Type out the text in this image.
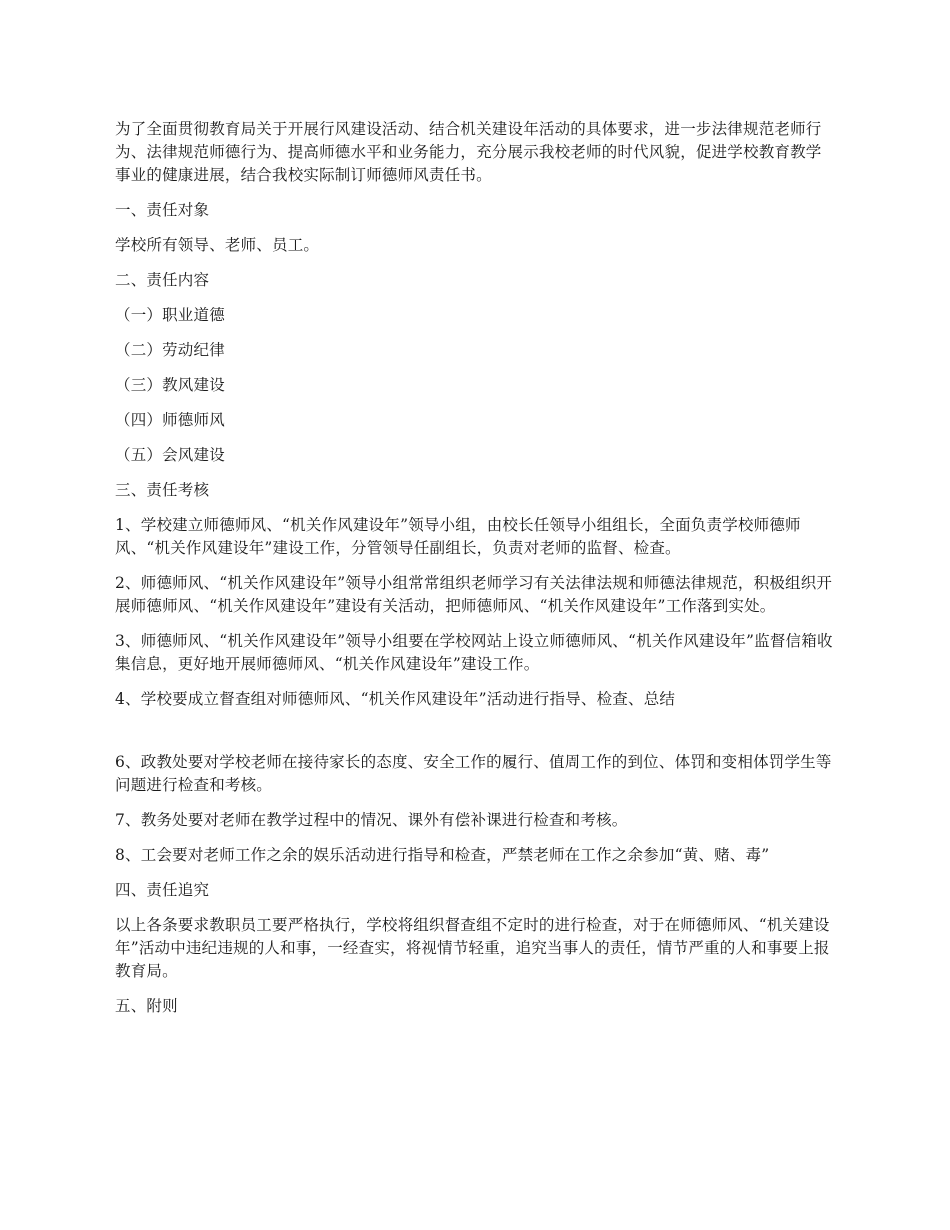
为了全面贯彻教育局关于开展行风建设活动、结合机关建设年活动的具体要求，进一步法律规范老师行为、法律规范师德行为、提高师德水平和业务能力，充分展示我校老师的时代风貌，促进学校教育教学事业的健康进展，结合我校实际制订师德师风责任书。

一、责任对象

学校所有领导、老师、员工。

二、责任内容

（一）职业道德

（二）劳动纪律

（三）教风建设

（四）师德师风

（五）会风建设

三、责任考核

1、学校建立师德师风、“机关作风建设年”领导小组，由校长任领导小组组长，全面负责学校师德师风、“机关作风建设年”建设工作，分管领导任副组长，负责对老师的监督、检查。

2、师德师风、“机关作风建设年”领导小组常常组织老师学习有关法律法规和师德法律规范，积极组织开展师德师风、“机关作风建设年”建设有关活动，把师德师风、“机关作风建设年”工作落到实处。

3、师德师风、“机关作风建设年”领导小组要在学校网站上设立师德师风、“机关作风建设年”监督信箱收集信息，更好地开展师德师风、“机关作风建设年”建设工作。

4、学校要成立督查组对师德师风、“机关作风建设年”活动进行指导、检查、总结

6、政教处要对学校老师在接待家长的态度、安全工作的履行、值周工作的到位、体罚和变相体罚学生等问题进行检查和考核。

7、教务处要对老师在教学过程中的情况、课外有偿补课进行检查和考核。

8、工会要对老师工作之余的娱乐活动进行指导和检查，严禁老师在工作之余参加“黄、赌、毒”

四、责任追究

以上各条要求教职员工要严格执行，学校将组织督查组不定时的进行检查，对于在师德师风、“机关建设年”活动中违纪违规的人和事，一经查实，将视情节轻重，追究当事人的责任，情节严重的人和事要上报教育局。

五、附则
